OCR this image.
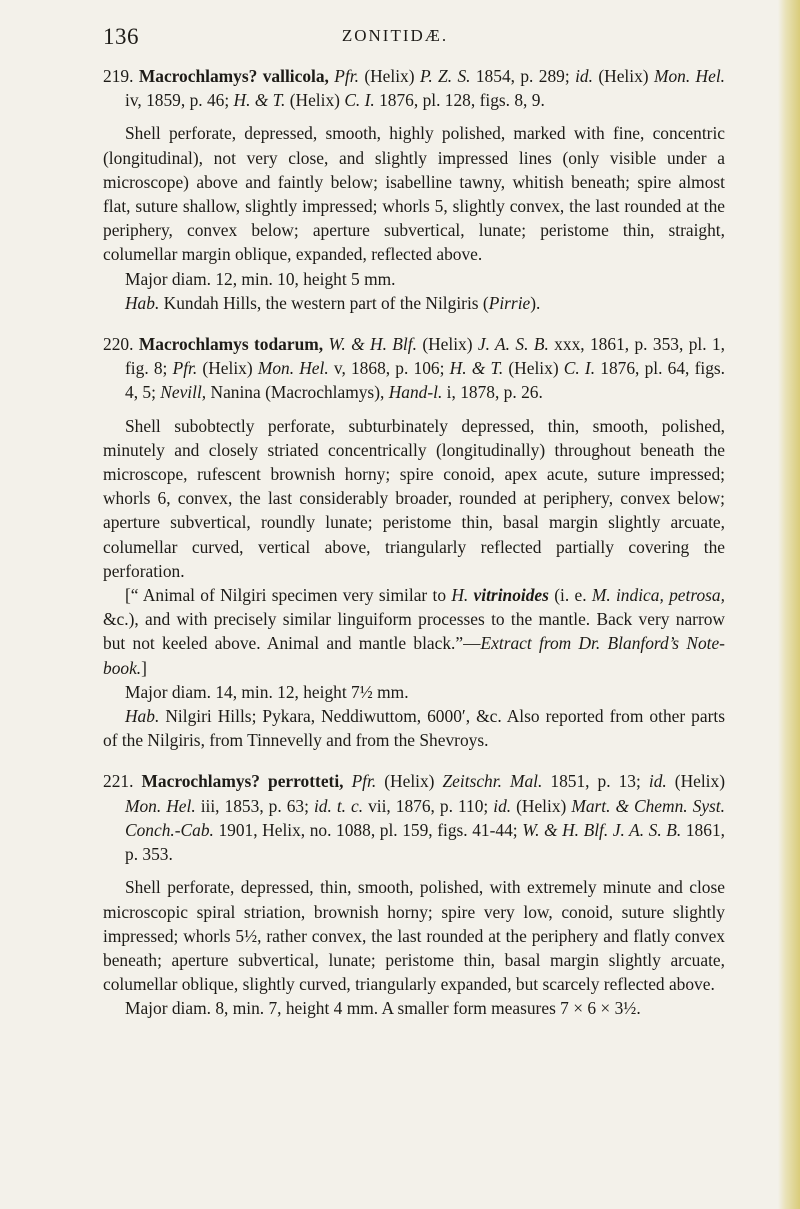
136	ZONITIDÆ.

219. Macrochlamys? vallicola, Pfr. (Helix) P. Z. S. 1854, p. 289; id. (Helix) Mon. Hel. iv, 1859, p. 46; H. & T. (Helix) C. I. 1876, pl. 128, figs. 8, 9.

Shell perforate, depressed, smooth, highly polished, marked with fine, concentric (longitudinal), not very close, and slightly impressed lines (only visible under a microscope) above and faintly below; isabelline tawny, whitish beneath; spire almost flat, suture shallow, slightly impressed; whorls 5, slightly convex, the last rounded at the periphery, convex below; aperture subvertical, lunate; peristome thin, straight, columellar margin oblique, expanded, reflected above.

Major diam. 12, min. 10, height 5 mm.

Hab. Kundah Hills, the western part of the Nilgiris (Pirrie).

220. Macrochlamys todarum, W. & H. Blf. (Helix) J. A. S. B. xxx, 1861, p. 353, pl. 1, fig. 8; Pfr. (Helix) Mon. Hel. v, 1868, p. 106; H. & T. (Helix) C. I. 1876, pl. 64, figs. 4, 5; Nevill, Nanina (Macrochlamys), Hand-l. i, 1878, p. 26.

Shell subobtectly perforate, subturbinately depressed, thin, smooth, polished, minutely and closely striated concentrically (longitudinally) throughout beneath the microscope, rufescent brownish horny; spire conoid, apex acute, suture impressed; whorls 6, convex, the last considerably broader, rounded at periphery, convex below; aperture subvertical, roundly lunate; peristome thin, basal margin slightly arcuate, columellar curved, vertical above, triangularly reflected partially covering the perforation.

[“ Animal of Nilgiri specimen very similar to H. vitrinoides (i. e. M. indica, petrosa, &c.), and with precisely similar linguiform processes to the mantle. Back very narrow but not keeled above. Animal and mantle black.”—Extract from Dr. Blanford’s Note-book.]

Major diam. 14, min. 12, height 7½ mm.

Hab. Nilgiri Hills; Pykara, Neddiwuttom, 6000′, &c. Also reported from other parts of the Nilgiris, from Tinnevelly and from the Shevroys.

221. Macrochlamys? perrotteti, Pfr. (Helix) Zeitschr. Mal. 1851, p. 13; id. (Helix) Mon. Hel. iii, 1853, p. 63; id. t. c. vii, 1876, p. 110; id. (Helix) Mart. & Chemn. Syst. Conch.-Cab. 1901, Helix, no. 1088, pl. 159, figs. 41-44; W. & H. Blf. J. A. S. B. 1861, p. 353.

Shell perforate, depressed, thin, smooth, polished, with extremely minute and close microscopic spiral striation, brownish horny; spire very low, conoid, suture slightly impressed; whorls 5½, rather convex, the last rounded at the periphery and flatly convex beneath; aperture subvertical, lunate; peristome thin, basal margin slightly arcuate, columellar oblique, slightly curved, triangularly expanded, but scarcely reflected above.

Major diam. 8, min. 7, height 4 mm. A smaller form measures 7 × 6 × 3½.
